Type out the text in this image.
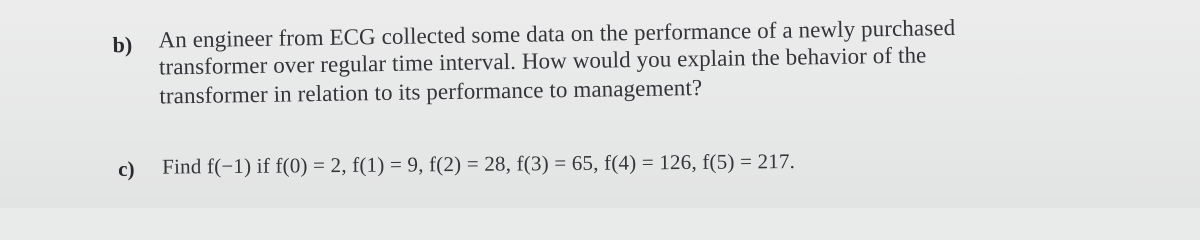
b) An engineer from ECG collected some data on the performance of a newly purchased
transformer over regular time interval. How would you explain the behavior of the
transformer in relation to its performance to management?
c) Find f(−1) if f(0) = 2, f(1) = 9, f(2) = 28, f(3) = 65, f(4) = 126, f(5) = 217.
